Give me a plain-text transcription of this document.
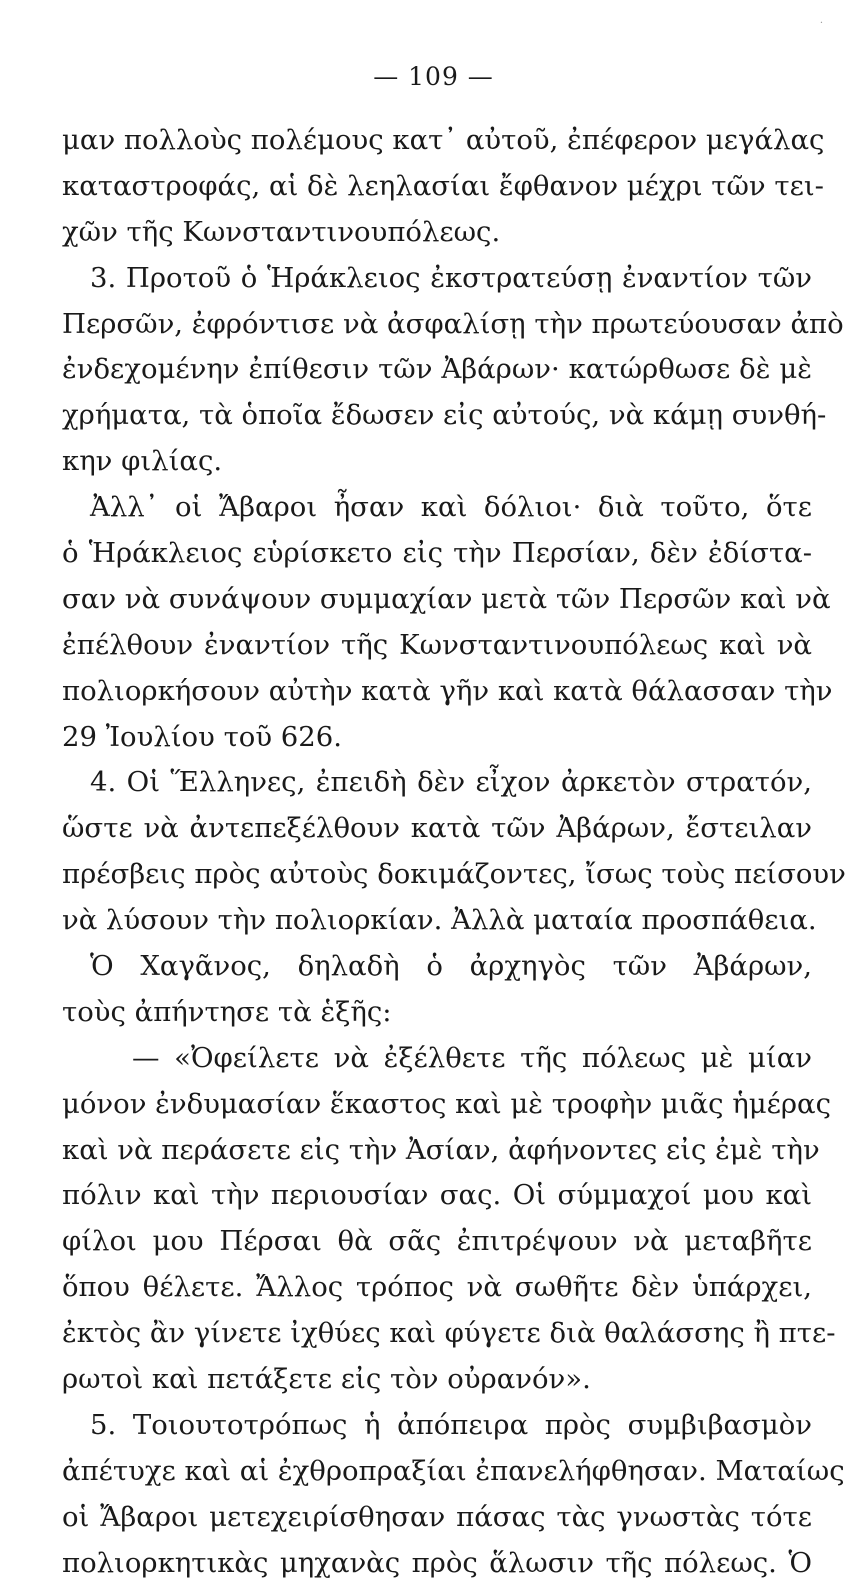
·
— 109 —
μαν πολλοὺς πολέμους κατ᾽ αὐτοῦ, ἐπέφερον μεγάλας
καταστροφάς, αἱ δὲ λεηλασίαι ἔφθανον μέχρι τῶν τει-
χῶν τῆς Κωνσταντινουπόλεως.
3. Προτοῦ ὁ Ἡράκλειος ἐκστρατεύσῃ ἐναντίον τῶν
Περσῶν, ἐφρόντισε νὰ ἀσφαλίσῃ τὴν πρωτεύουσαν ἀπὸ
ἐνδεχομένην ἐπίθεσιν τῶν Ἀβάρων· κατώρθωσε δὲ μὲ
χρήματα, τὰ ὁποῖα ἔδωσεν εἰς αὐτούς, νὰ κάμῃ συνθή-
κην φιλίας.
Ἀλλ᾽ οἱ Ἄβαροι ἦσαν καὶ δόλιοι· διὰ τοῦτο, ὅτε
ὁ Ἡράκλειος εὑρίσκετο εἰς τὴν Περσίαν, δὲν ἐδίστα-
σαν νὰ συνάψουν συμμαχίαν μετὰ τῶν Περσῶν καὶ νὰ
ἐπέλθουν ἐναντίον τῆς Κωνσταντινουπόλεως καὶ νὰ
πολιορκήσουν αὐτὴν κατὰ γῆν καὶ κατὰ θάλασσαν τὴν
29 Ἰουλίου τοῦ 626.
4. Οἱ Ἕλληνες, ἐπειδὴ δὲν εἶχον ἀρκετὸν στρατόν,
ὥστε νὰ ἀντεπεξέλθουν κατὰ τῶν Ἀβάρων, ἔστειλαν
πρέσβεις πρὸς αὐτοὺς δοκιμάζοντες, ἴσως τοὺς πείσουν
νὰ λύσουν τὴν πολιορκίαν. Ἀλλὰ ματαία προσπάθεια.
Ὁ Χαγᾶνος, δηλαδὴ ὁ ἀρχηγὸς τῶν Ἀβάρων,
τοὺς ἀπήντησε τὰ ἑξῆς:
— «Ὀφείλετε νὰ ἐξέλθετε τῆς πόλεως μὲ μίαν
μόνον ἐνδυμασίαν ἕκαστος καὶ μὲ τροφὴν μιᾶς ἡμέρας
καὶ νὰ περάσετε εἰς τὴν Ἀσίαν, ἀφήνοντες εἰς ἐμὲ τὴν
πόλιν καὶ τὴν περιουσίαν σας. Οἱ σύμμαχοί μου καὶ
φίλοι μου Πέρσαι θὰ σᾶς ἐπιτρέψουν νὰ μεταβῆτε
ὅπου θέλετε. Ἄλλος τρόπος νὰ σωθῆτε δὲν ὑπάρχει,
ἐκτὸς ἂν γίνετε ἰχθύες καὶ φύγετε διὰ θαλάσσης ἢ πτε-
ρωτοὶ καὶ πετάξετε εἰς τὸν οὐρανόν».
5. Τοιουτοτρόπως ἡ ἀπόπειρα πρὸς συμβιβασμὸν
ἀπέτυχε καὶ αἱ ἐχθροπραξίαι ἐπανελήφθησαν. Ματαίως
οἱ Ἄβαροι μετεχειρίσθησαν πάσας τὰς γνωστὰς τότε
πολιορκητικὰς μηχανὰς πρὸς ἅλωσιν τῆς πόλεως. Ὁ
